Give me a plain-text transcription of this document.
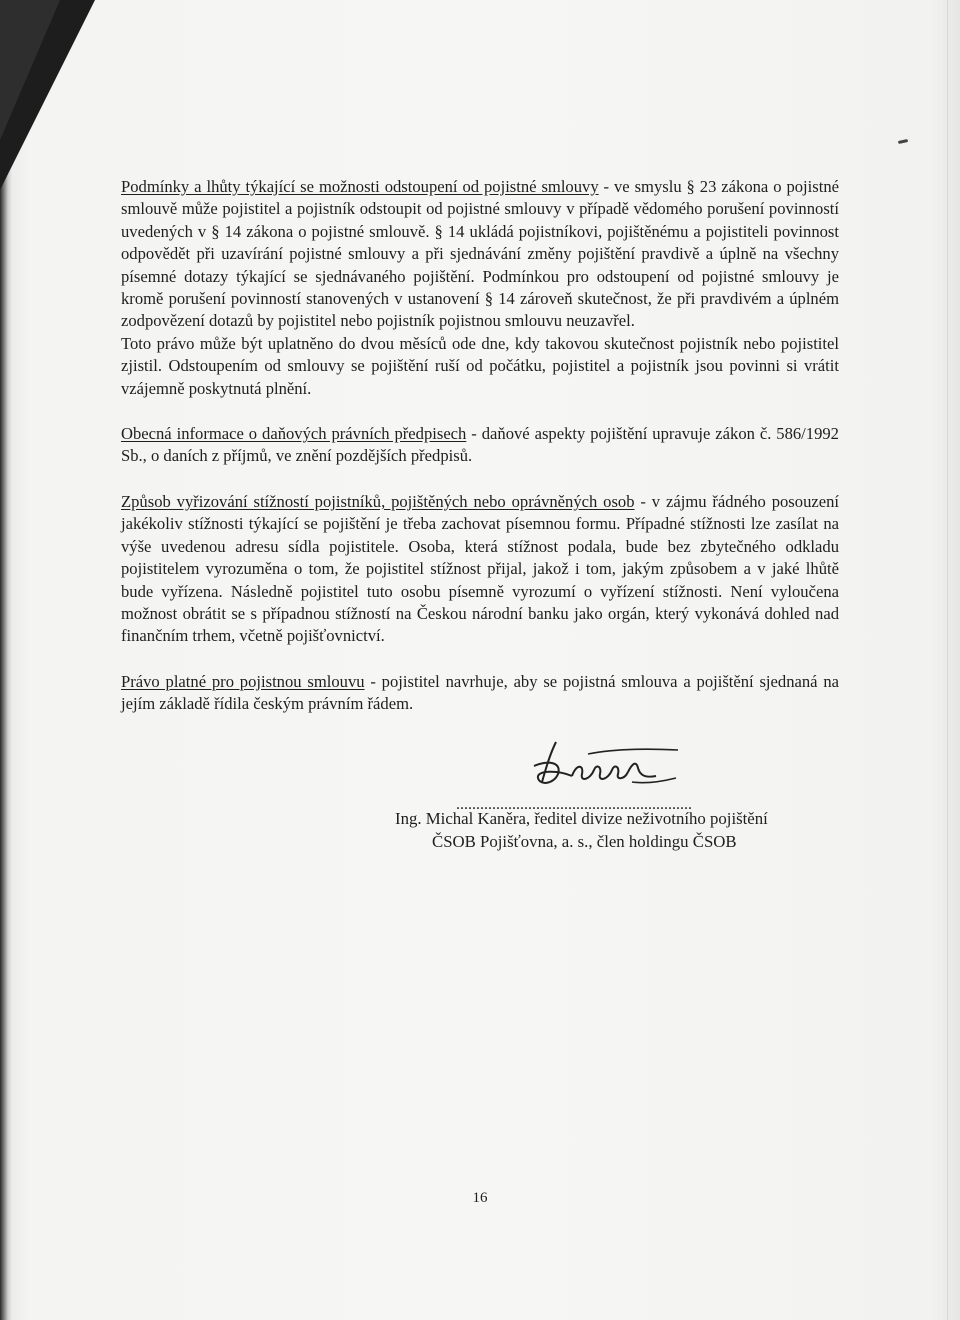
Podmínky a lhůty týkající se možnosti odstoupení od pojistné smlouvy - ve smyslu § 23 zákona o pojistné smlouvě může pojistitel a pojistník odstoupit od pojistné smlouvy v případě vědomého porušení povinností uvedených v § 14 zákona o pojistné smlouvě. § 14 ukládá pojistníkovi, pojištěnému a pojistiteli povinnost odpovědět při uzavírání pojistné smlouvy a při sjednávání změny pojištění pravdivě a úplně na všechny písemné dotazy týkající se sjednávaného pojištění. Podmínkou pro odstoupení od pojistné smlouvy je kromě porušení povinností stanovených v ustanovení § 14 zároveň skutečnost, že při pravdivém a úplném zodpovězení dotazů by pojistitel nebo pojistník pojistnou smlouvu neuzavřel.

Toto právo může být uplatněno do dvou měsíců ode dne, kdy takovou skutečnost pojistník nebo pojistitel zjistil. Odstoupením od smlouvy se pojištění ruší od počátku, pojistitel a pojistník jsou povinni si vrátit vzájemně poskytnutá plnění.

Obecná informace o daňových právních předpisech - daňové aspekty pojištění upravuje zákon č. 586/1992 Sb., o daních z příjmů, ve znění pozdějších předpisů.

Způsob vyřizování stížností pojistníků, pojištěných nebo oprávněných osob - v zájmu řádného posouzení jakékoliv stížnosti týkající se pojištění je třeba zachovat písemnou formu. Případné stížnosti lze zasílat na výše uvedenou adresu sídla pojistitele. Osoba, která stížnost podala, bude bez zbytečného odkladu pojistitelem vyrozuměna o tom, že pojistitel stížnost přijal, jakož i tom, jakým způsobem a v jaké lhůtě bude vyřízena. Následně pojistitel tuto osobu písemně vyrozumí o vyřízení stížnosti. Není vyloučena možnost obrátit se s případnou stížností na Českou národní banku jako orgán, který vykonává dohled nad finančním trhem, včetně pojišťovnictví.

Právo platné pro pojistnou smlouvu - pojistitel navrhuje, aby se pojistná smlouva a pojištění sjednaná na jejím základě řídila českým právním řádem.

...........................................................
Ing. Michal Kaněra, ředitel divize neživotního pojištění
ČSOB Pojišťovna, a. s., člen holdingu ČSOB
16
